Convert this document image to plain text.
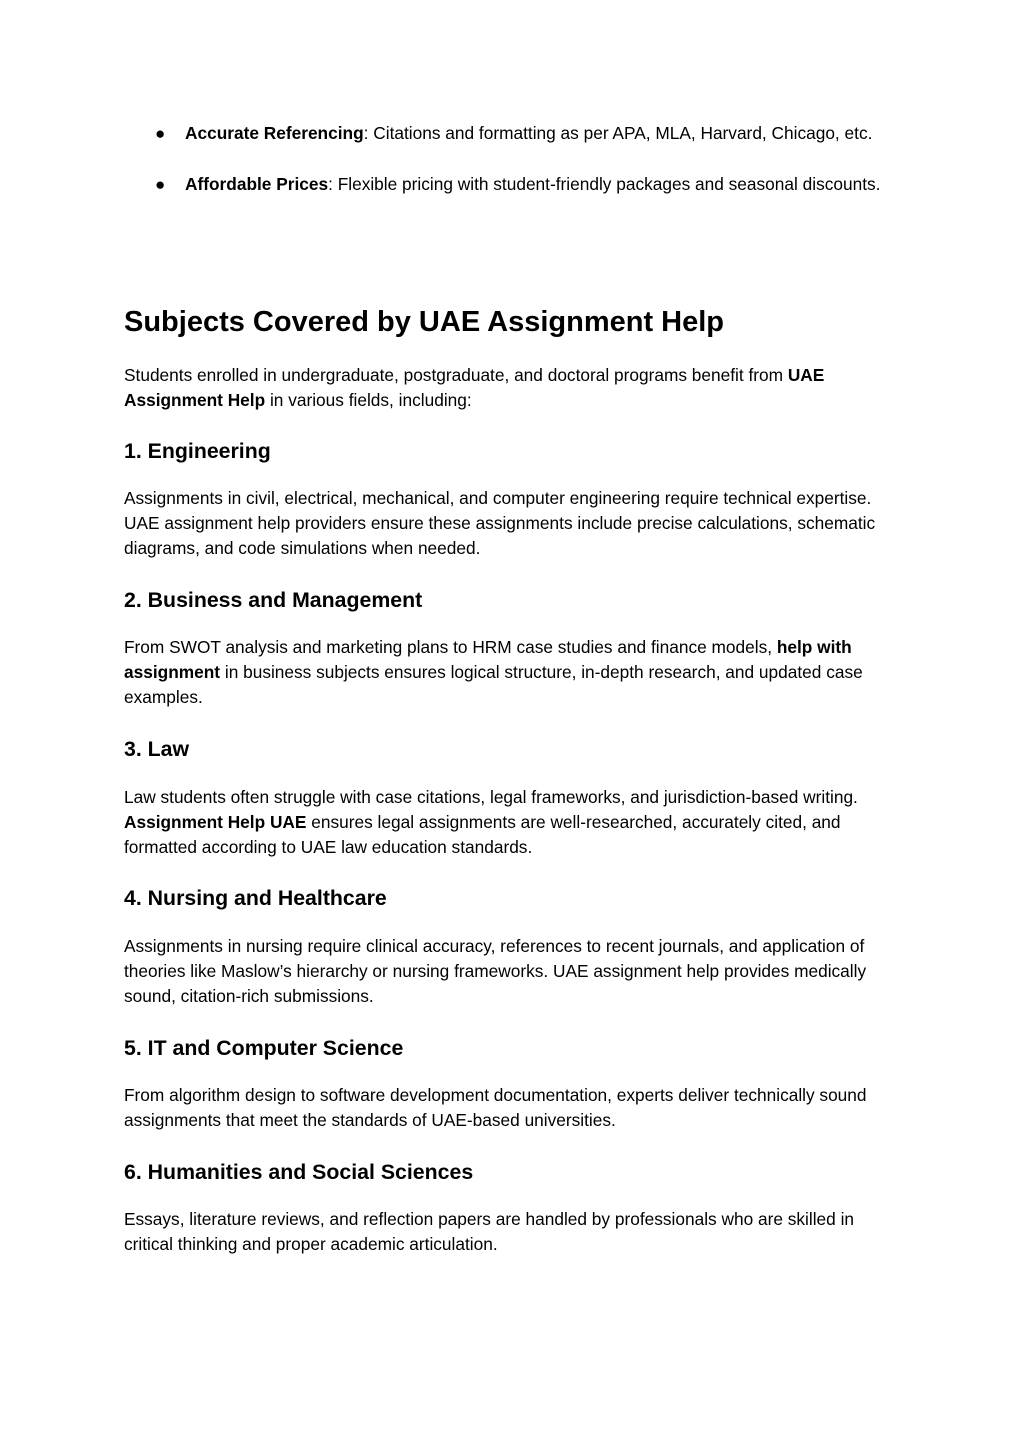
● Accurate Referencing: Citations and formatting as per APA, MLA, Harvard, Chicago, etc.
● Affordable Prices: Flexible pricing with student-friendly packages and seasonal discounts.
Subjects Covered by UAE Assignment Help

Students enrolled in undergraduate, postgraduate, and doctoral programs benefit from UAE Assignment Help in various fields, including:

1. Engineering

Assignments in civil, electrical, mechanical, and computer engineering require technical expertise. UAE assignment help providers ensure these assignments include precise calculations, schematic diagrams, and code simulations when needed.

2. Business and Management

From SWOT analysis and marketing plans to HRM case studies and finance models, help with assignment in business subjects ensures logical structure, in-depth research, and updated case examples.

3. Law

Law students often struggle with case citations, legal frameworks, and jurisdiction-based writing. Assignment Help UAE ensures legal assignments are well-researched, accurately cited, and formatted according to UAE law education standards.

4. Nursing and Healthcare

Assignments in nursing require clinical accuracy, references to recent journals, and application of theories like Maslow’s hierarchy or nursing frameworks. UAE assignment help provides medically sound, citation-rich submissions.

5. IT and Computer Science

From algorithm design to software development documentation, experts deliver technically sound assignments that meet the standards of UAE-based universities.

6. Humanities and Social Sciences

Essays, literature reviews, and reflection papers are handled by professionals who are skilled in critical thinking and proper academic articulation.
